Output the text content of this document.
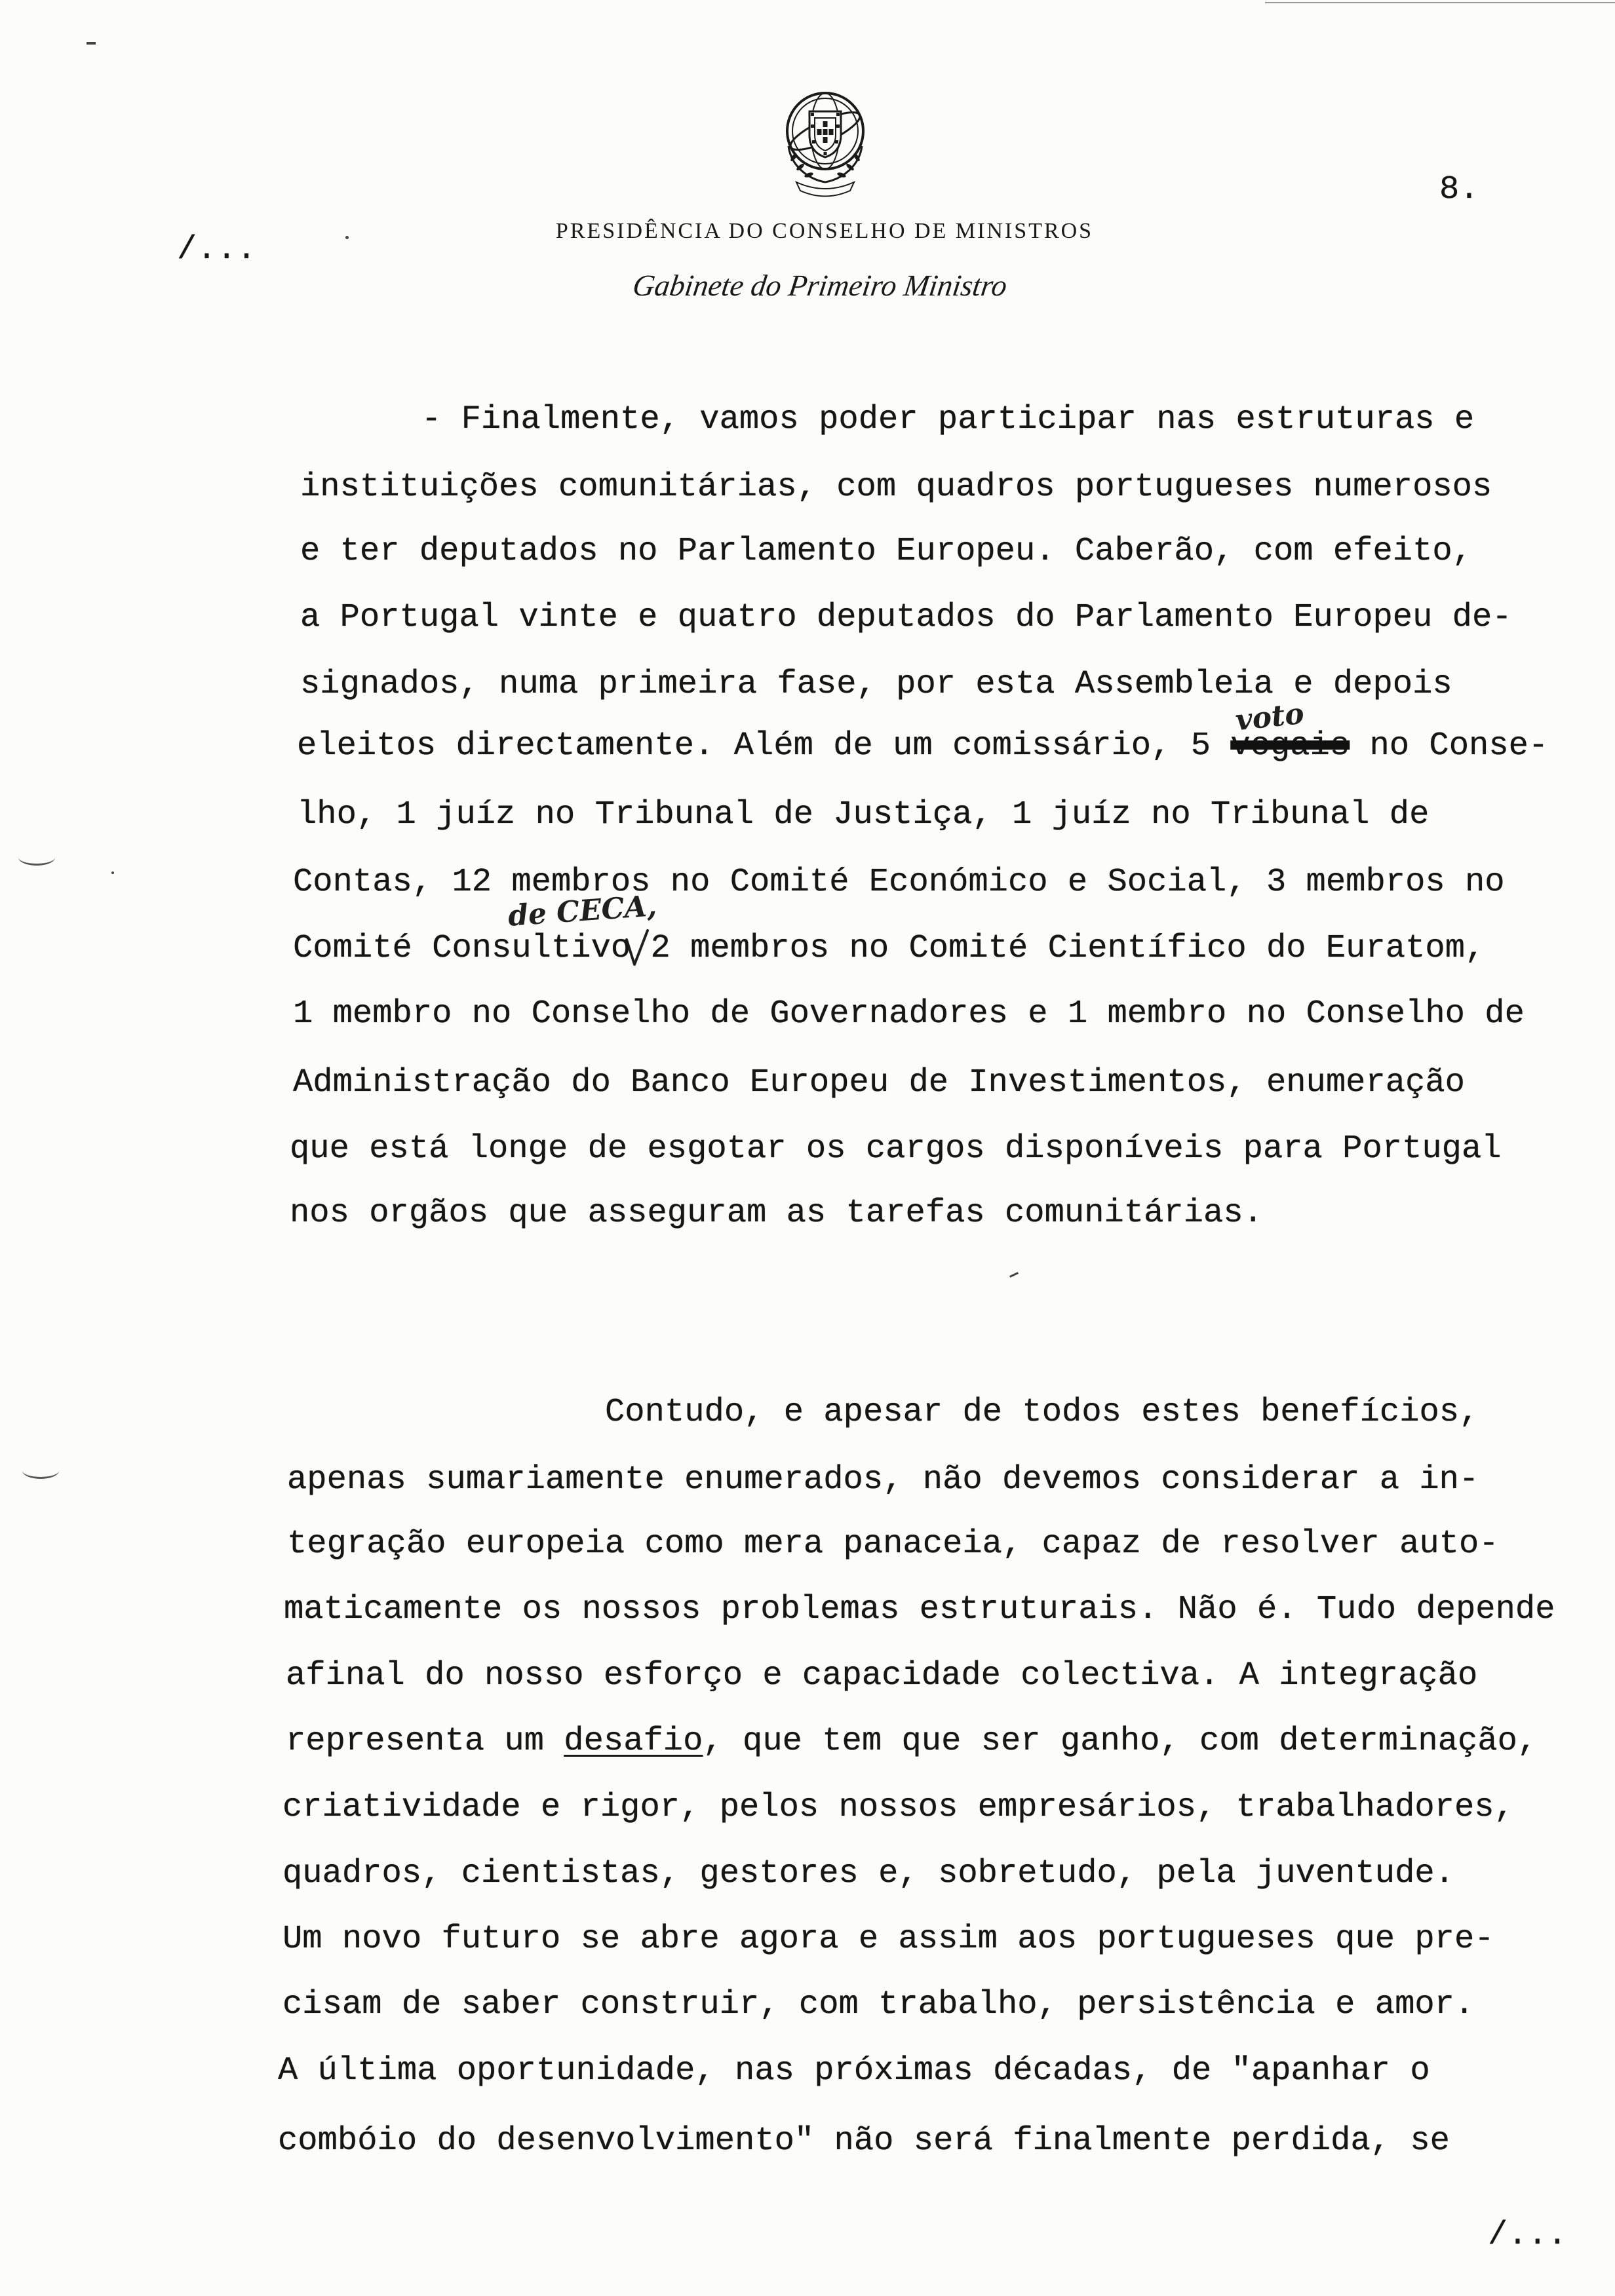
8.
/...
PRESIDÊNCIA DO CONSELHO DE MINISTROS
Gabinete do Primeiro Ministro
- Finalmente, vamos poder participar nas estruturas e
instituições comunitárias, com quadros portugueses numerosos
e ter deputados no Parlamento Europeu. Caberão, com efeito,
a Portugal vinte e quatro deputados do Parlamento Europeu de-
signados, numa primeira fase, por esta Assembleia e depois
voto
eleitos directamente. Além de um comissário, 5 vogais no Conse-
lho, 1 juíz no Tribunal de Justiça, 1 juíz no Tribunal de
Contas, 12 membros no Comité Económico e Social, 3 membros no
de CECA,
Comité Consultivo 2 membros no Comité Científico do Euratom,
1 membro no Conselho de Governadores e 1 membro no Conselho de
Administração do Banco Europeu de Investimentos, enumeração
que está longe de esgotar os cargos disponíveis para Portugal
nos orgãos que asseguram as tarefas comunitárias.
Contudo, e apesar de todos estes benefícios,
apenas sumariamente enumerados, não devemos considerar a in-
tegração europeia como mera panaceia, capaz de resolver auto-
maticamente os nossos problemas estruturais. Não é. Tudo depende
afinal do nosso esforço e capacidade colectiva. A integração
representa um desafio, que tem que ser ganho, com determinação,
criatividade e rigor, pelos nossos empresários, trabalhadores,
quadros, cientistas, gestores e, sobretudo, pela juventude.
Um novo futuro se abre agora e assim aos portugueses que pre-
cisam de saber construir, com trabalho, persistência e amor.
A última oportunidade, nas próximas décadas, de "apanhar o
combóio do desenvolvimento" não será finalmente perdida, se
/...
